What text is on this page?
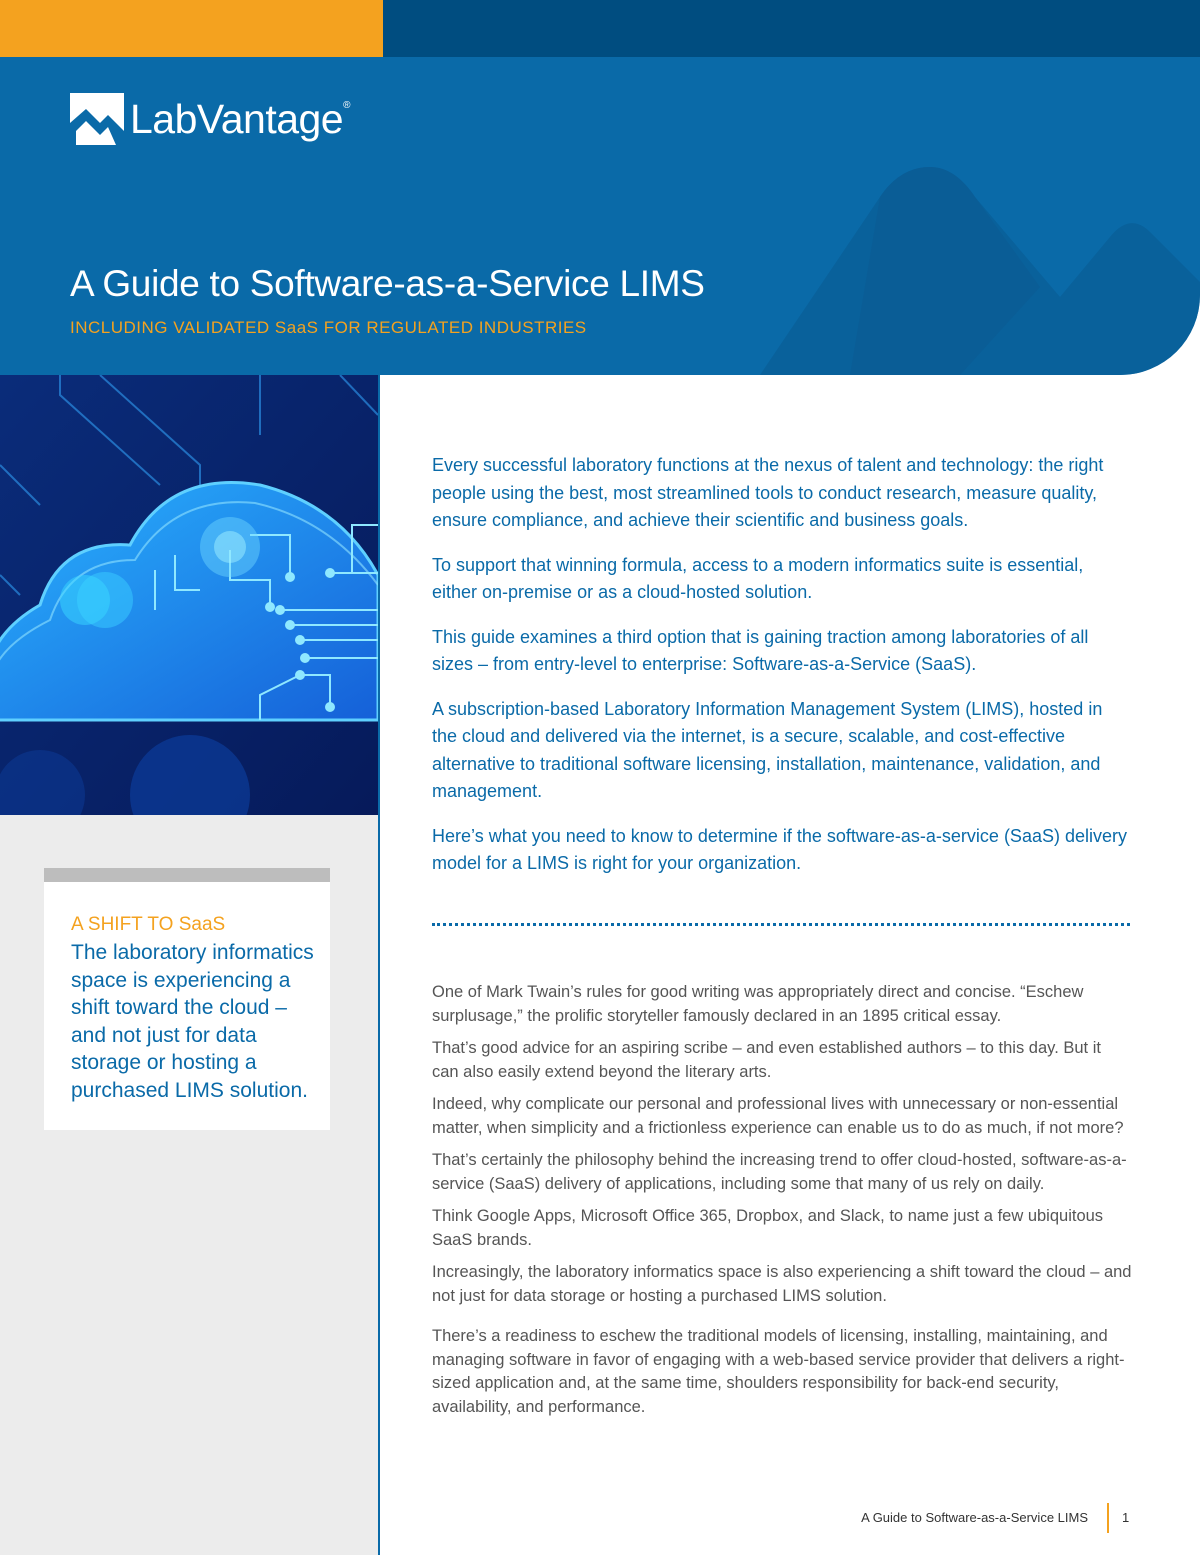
LabVantage ®
A Guide to Software-as-a-Service LIMS

INCLUDING VALIDATED SaaS FOR REGULATED INDUSTRIES

A SHIFT TO SaaS

The laboratory informatics space is experiencing a shift toward the cloud – and not just for data storage or hosting a purchased LIMS solution.

Every successful laboratory functions at the nexus of talent and technology: the right people using the best, most streamlined tools to conduct research, measure quality, ensure compliance, and achieve their scientific and business goals.

To support that winning formula, access to a modern informatics suite is essential, either on-premise or as a cloud-hosted solution.

This guide examines a third option that is gaining traction among laboratories of all sizes – from entry-level to enterprise: Software-as-a-Service (SaaS).

A subscription-based Laboratory Information Management System (LIMS), hosted in the cloud and delivered via the internet, is a secure, scalable, and cost-effective alternative to traditional software licensing, installation, maintenance, validation, and management.

Here’s what you need to know to determine if the software-as-a-service (SaaS) delivery model for a LIMS is right for your organization.

One of Mark Twain’s rules for good writing was appropriately direct and concise. “Eschew surplusage,” the prolific storyteller famously declared in an 1895 critical essay.

That’s good advice for an aspiring scribe – and even established authors – to this day. But it can also easily extend beyond the literary arts.

Indeed, why complicate our personal and professional lives with unnecessary or non-essential matter, when simplicity and a frictionless experience can enable us to do as much, if not more?

That’s certainly the philosophy behind the increasing trend to offer cloud-hosted, software-as-a-service (SaaS) delivery of applications, including some that many of us rely on daily.

Think Google Apps, Microsoft Office 365, Dropbox, and Slack, to name just a few ubiquitous SaaS brands.

Increasingly, the laboratory informatics space is also experiencing a shift toward the cloud – and not just for data storage or hosting a purchased LIMS solution.

There’s a readiness to eschew the traditional models of licensing, installing, maintaining, and managing software in favor of engaging with a web-based service provider that delivers a right-sized application and, at the same time, shoulders responsibility for back-end security, availability, and performance.

A Guide to Software-as-a-Service LIMS	1
